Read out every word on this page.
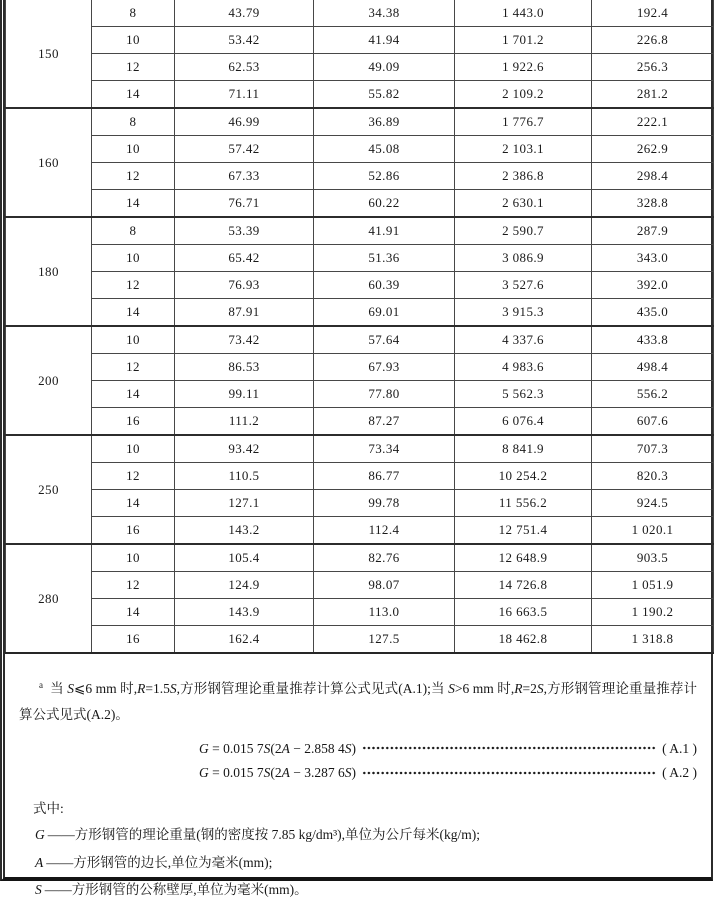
150	8	43.79	34.38	1 443.0	192.4
	10	53.42	41.94	1 701.2	226.8
	12	62.53	49.09	1 922.6	256.3
	14	71.11	55.82	2 109.2	281.2
160	8	46.99	36.89	1 776.7	222.1
	10	57.42	45.08	2 103.1	262.9
	12	67.33	52.86	2 386.8	298.4
	14	76.71	60.22	2 630.1	328.8
180	8	53.39	41.91	2 590.7	287.9
	10	65.42	51.36	3 086.9	343.0
	12	76.93	60.39	3 527.6	392.0
	14	87.91	69.01	3 915.3	435.0
200	10	73.42	57.64	4 337.6	433.8
	12	86.53	67.93	4 983.6	498.4
	14	99.11	77.80	5 562.3	556.2
	16	111.2	87.27	6 076.4	607.6
250	10	93.42	73.34	8 841.9	707.3
	12	110.5	86.77	10 254.2	820.3
	14	127.1	99.78	11 556.2	924.5
	16	143.2	112.4	12 751.4	1 020.1
280	10	105.4	82.76	12 648.9	903.5
	12	124.9	98.07	14 726.8	1 051.9
	14	143.9	113.0	16 663.5	1 190.2
	16	162.4	127.5	18 462.8	1 318.8

$^a$ 当 S⩽6 mm 时,R=1.5S,方形钢管理论重量推荐计算公式见式(A.1);当 S>6 mm 时,R=2S,方形钢管理论重量推荐计算公式见式(A.2)。

G = 0.015 7S(2A − 2.858 4S)	( A.1 )
G = 0.015 7S(2A − 3.287 6S)	( A.2 )

式中:

G ——方形钢管的理论重量(钢的密度按 7.85 kg/dm³),单位为公斤每米(kg/m);
A ——方形钢管的边长,单位为毫米(mm);
S ——方形钢管的公称壁厚,单位为毫米(mm)。
